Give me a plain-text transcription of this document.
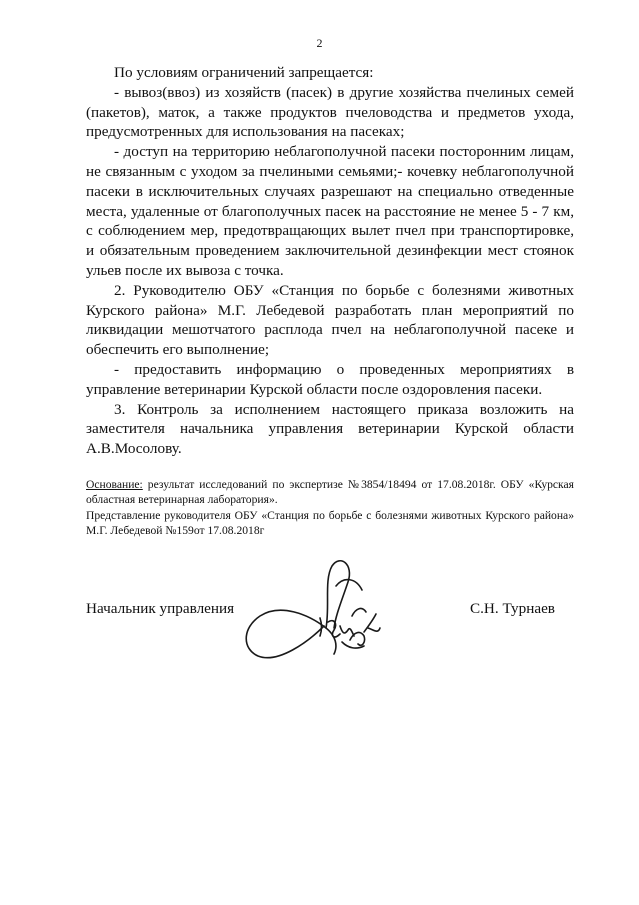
2

По условиям ограничений запрещается:

- вывоз(ввоз) из хозяйств (пасек) в другие хозяйства пчелиных семей (пакетов), маток, а также продуктов пчеловодства и предметов ухода, предусмотренных для использования на пасеках;

- доступ на территорию неблагополучной пасеки посторонним лицам, не связанным с уходом за пчелиными семьями;- кочевку неблагополучной пасеки в исключительных случаях разрешают на специально отведенные места, удаленные от благополучных пасек на расстояние не менее 5 - 7 км, с соблюдением мер, предотвращающих вылет пчел при транспортировке, и обязательным проведением заключительной дезинфекции мест стоянок ульев после их вывоза с точка.

2. Руководителю ОБУ «Станция по борьбе с болезнями животных Курского района» М.Г. Лебедевой разработать план мероприятий по ликвидации мешотчатого расплода пчел на неблагополучной пасеке и обеспечить его выполнение;

- предоставить информацию о проведенных мероприятиях в управление ветеринарии Курской области после оздоровления пасеки.

3. Контроль за исполнением настоящего приказа возложить на заместителя начальника управления ветеринарии Курской области А.В.Мосолову.

Основание: результат исследований по экспертизе №3854/18494 от 17.08.2018г. ОБУ «Курская областная ветеринарная лаборатория».

Представление руководителя ОБУ «Станция по борьбе с болезнями животных Курского района» М.Г. Лебедевой №159от 17.08.2018г

Начальник управления	С.Н. Турнаев
